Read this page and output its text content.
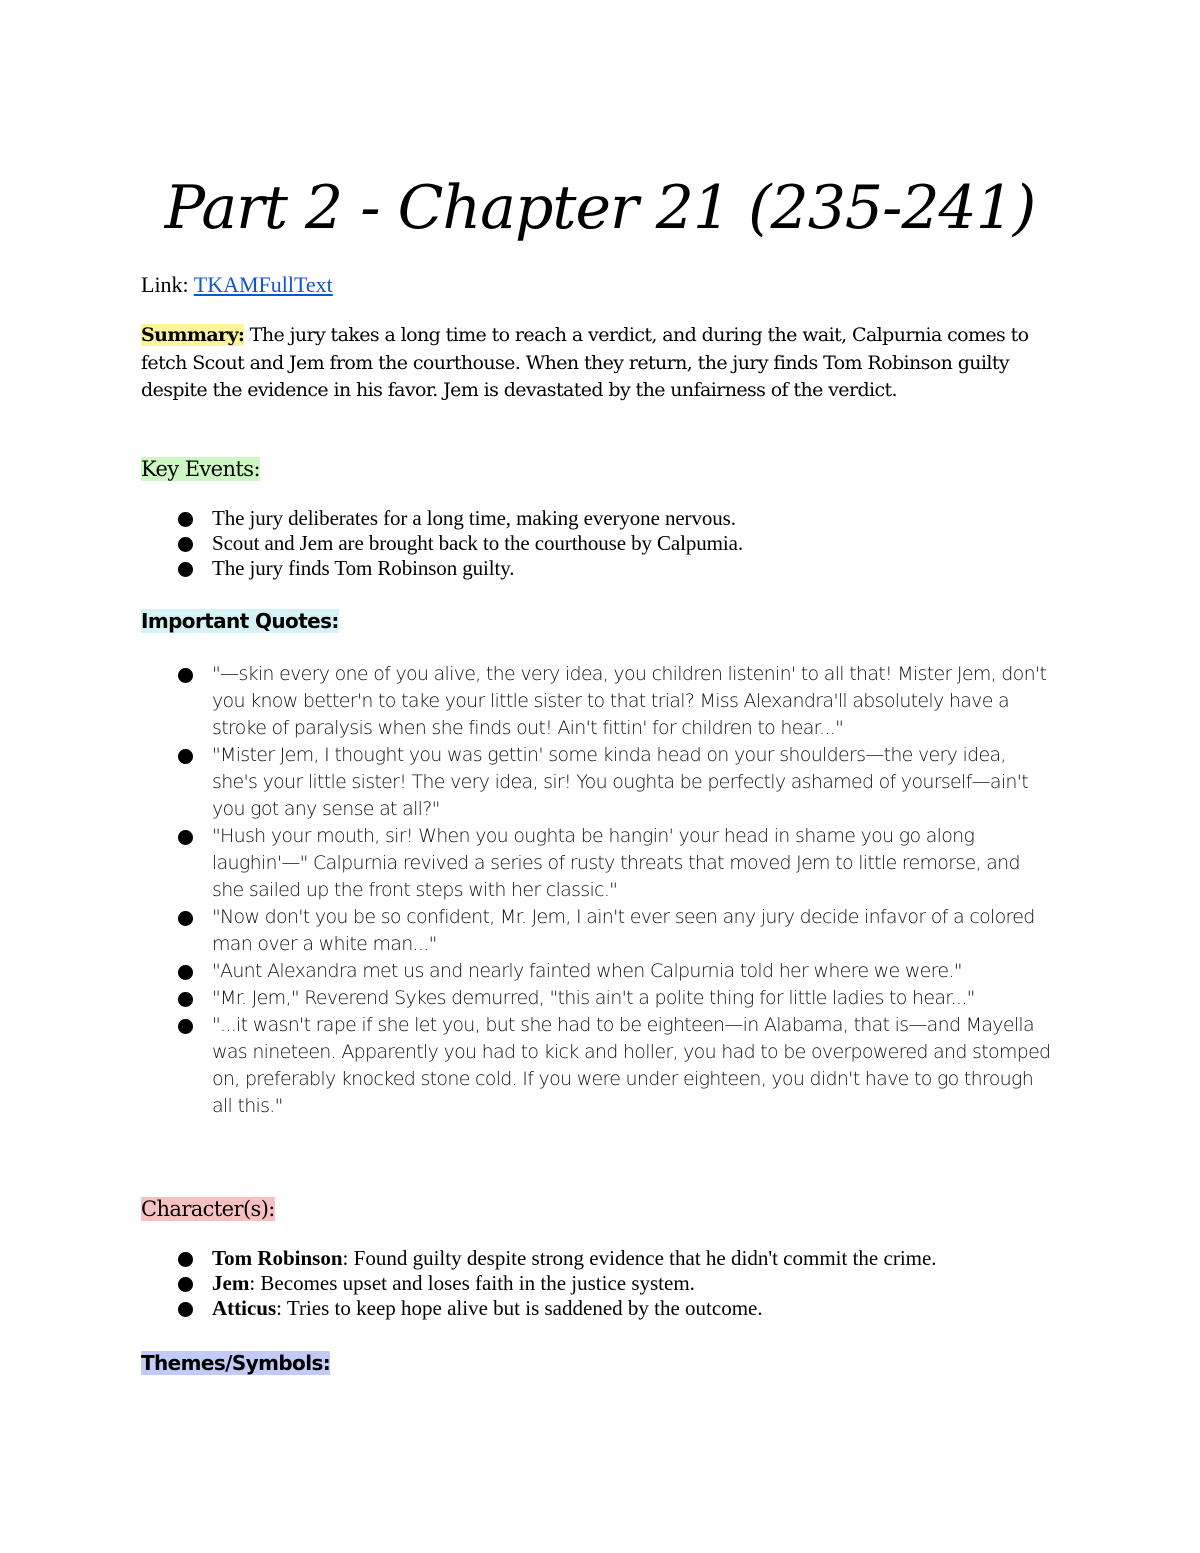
Part 2 - Chapter 21 (235-241)
Link: TKAMFullText
Summary: The jury takes a long time to reach a verdict, and during the wait, Calpurnia comes to fetch Scout and Jem from the courthouse. When they return, the jury finds Tom Robinson guilty despite the evidence in his favor. Jem is devastated by the unfairness of the verdict.
Key Events:
The jury deliberates for a long time, making everyone nervous.
Scout and Jem are brought back to the courthouse by Calpumia.
The jury finds Tom Robinson guilty.
Important Quotes:
"—skin every one of you alive, the very idea, you children listenin' to all that! Mister Jem, don't you know better'n to take your little sister to that trial? Miss Alexandra'll absolutely have a stroke of paralysis when she finds out! Ain't fittin' for children to hear..."
"Mister Jem, I thought you was gettin' some kinda head on your shoulders—the very idea, she's your little sister! The very idea, sir! You oughta be perfectly ashamed of yourself—ain't you got any sense at all?"
"Hush your mouth, sir! When you oughta be hangin' your head in shame you go along laughin'—" Calpurnia revived a series of rusty threats that moved Jem to little remorse, and she sailed up the front steps with her classic."
"Now don't you be so confident, Mr. Jem, I ain't ever seen any jury decide infavor of a colored man over a white man..."
"Aunt Alexandra met us and nearly fainted when Calpurnia told her where we were."
"Mr. Jem," Reverend Sykes demurred, "this ain't a polite thing for little ladies to hear..."
"...it wasn't rape if she let you, but she had to be eighteen—in Alabama, that is—and Mayella was nineteen. Apparently you had to kick and holler, you had to be overpowered and stomped on, preferably knocked stone cold. If you were under eighteen, you didn't have to go through all this."
Character(s):
Tom Robinson: Found guilty despite strong evidence that he didn't commit the crime.
Jem: Becomes upset and loses faith in the justice system.
Atticus: Tries to keep hope alive but is saddened by the outcome.
Themes/Symbols:
